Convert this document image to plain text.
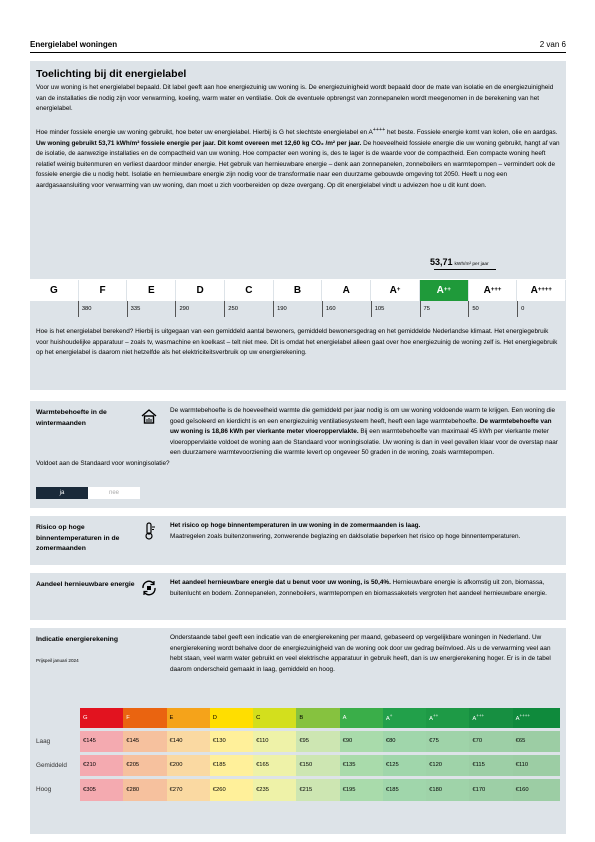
Energielabel woningen	2 van 6
Toelichting bij dit energielabel

Voor uw woning is het energielabel bepaald. Dit label geeft aan hoe energiezuinig uw woning is. De energiezuinigheid wordt bepaald door de mate van isolatie en de energiezuinigheid van de installaties die nodig zijn voor verwarming, koeling, warm water en ventilatie. Ook de eventuele opbrengst van zonnepanelen wordt meegenomen in de berekening van het energielabel.

Hoe minder fossiele energie uw woning gebruikt, hoe beter uw energielabel. Hierbij is G het slechtste energielabel en A++++ het beste. Fossiele energie komt van kolen, olie en aardgas. Uw woning gebruikt 53,71 kWh/m² fossiele energie per jaar. Dit komt overeen met 12,60 kg CO₂ /m² per jaar. De hoeveelheid fossiele energie die uw woning gebruikt, hangt af van de isolatie, de aanwezige installaties en de compactheid van uw woning. Hoe compacter een woning is, des te lager is de waarde voor de compactheid. Een compacte woning heeft relatief weinig buitenmuren en verliest daardoor minder energie. Het gebruik van hernieuwbare energie – denk aan zonnepanelen, zonneboilers en warmtepompen – vermindert ook de fossiele energie die u nodig hebt. Isolatie en hernieuwbare energie zijn nodig voor de transformatie naar een duurzame gebouwde omgeving tot 2050. Heeft u nog een aardgasaansluiting voor verwarming van uw woning, dan moet u zich voorbereiden op deze overgang. Op dit energielabel vindt u adviezen hoe u dit kunt doen.

53,71 kWh/m² per jaar
G	F	E	D	C	B	A	A +	A ++	A +++	A ++++
380	335	290	250	190	160	105	75	50	0

Hoe is het energielabel berekend? Hierbij is uitgegaan van een gemiddeld aantal bewoners, gemiddeld bewonersgedrag en het gemiddelde Nederlandse klimaat. Het energiegebruik voor huishoudelijke apparatuur – zoals tv, wasmachine en koelkast – telt niet mee. Dit is omdat het energielabel alleen gaat over hoe energiezuinig de woning zelf is. Het energiegebruik op het energielabel is daarom niet hetzelfde als het elektriciteitsverbruik op uw energierekening.

Warmtebehoefte in de wintermaanden
Voldoet aan de Standaard voor woningisolatie?
ja	nee

De warmtebehoefte is de hoeveelheid warmte die gemiddeld per jaar nodig is om uw woning voldoende warm te krijgen. Een woning die goed geïsoleerd en kierdicht is en een energiezuinig ventilatiesysteem heeft, heeft een lage warmtebehoefte. De warmtebehoefte van uw woning is 18,86 kWh per vierkante meter vloeroppervlakte. Bij een warmtebehoefte van maximaal 45 kWh per vierkante meter vloeroppervlakte voldoet de woning aan de Standaard voor woningisolatie. Uw woning is dan in veel gevallen klaar voor de overstap naar een duurzamere warmtevoorziening die warmte levert op ongeveer 50 graden in de woning, zoals warmtepompen.

Risico op hoge binnentemperaturen in de zomermaanden

Het risico op hoge binnentemperaturen in uw woning in de zomermaanden is laag.
Maatregelen zoals buitenzonwering, zonwerende beglazing en daklsolatie beperken het risico op hoge binnentemperaturen.

Aandeel hernieuwbare energie	Het aandeel hernieuwbare energie dat u benut voor uw woning, is 50,4%. Hernieuwbare energie is afkomstig uit zon, biomassa, buitenlucht en bodem. Zonnepanelen, zonneboilers, warmtepompen en biomassaketels vergroten het aandeel hernieuwbare energie.

Indicatie energierekening
Prijspeil januari 2024

Onderstaande tabel geeft een indicatie van de energierekening per maand, gebaseerd op vergelijkbare woningen in Nederland. Uw energierekening wordt behalve door de energiezuinigheid van de woning ook door uw gedrag beïnvloed. Als u de verwarming veel aan hebt staan, veel warm water gebruikt en veel elektrische apparatuur in gebruik heeft, dan is uw energierekening hoger. Er is in de tabel daarom onderscheid gemaakt in laag, gemiddeld en hoog.

	G	F	E	D	C	B	A	A+	A++	A+++	A++++
Laag	€145	€145	€140	€130	€110	€95	€90	€80	€75	€70	€65
Gemiddeld	€210	€205	€200	€185	€165	€150	€135	€125	€120	€115	€110
Hoog	€305	€280	€270	€260	€235	€215	€195	€185	€180	€170	€160
